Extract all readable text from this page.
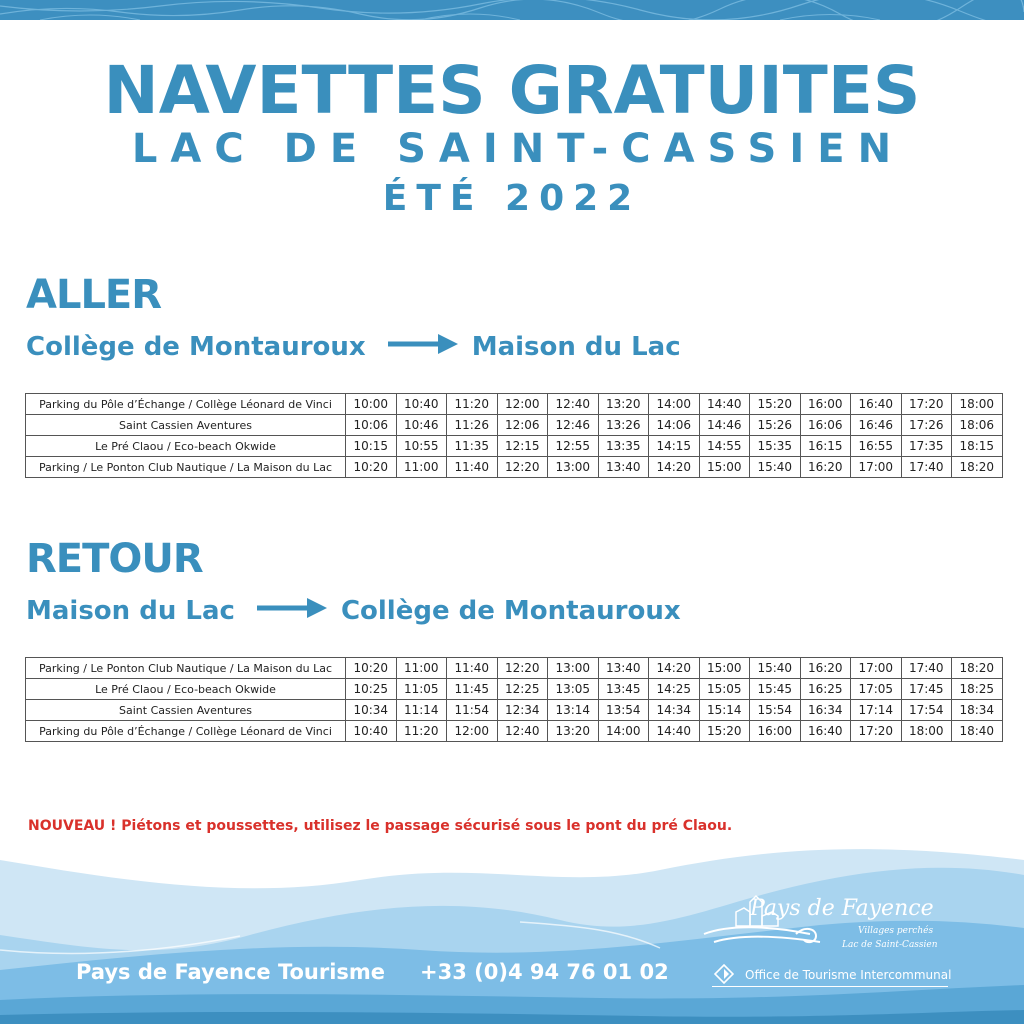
NAVETTES GRATUITES
LAC DE SAINT-CASSIEN
ÉTÉ 2022
ALLER
Collège de Montauroux	Maison du Lac
Parking du Pôle d’Échange / Collège Léonard de Vinci	10:00	10:40	11:20	12:00	12:40	13:20	14:00	14:40	15:20	16:00	16:40	17:20	18:00
Saint Cassien Aventures	10:06	10:46	11:26	12:06	12:46	13:26	14:06	14:46	15:26	16:06	16:46	17:26	18:06
Le Pré Claou / Eco-beach Okwide	10:15	10:55	11:35	12:15	12:55	13:35	14:15	14:55	15:35	16:15	16:55	17:35	18:15
Parking / Le Ponton Club Nautique / La Maison du Lac	10:20	11:00	11:40	12:20	13:00	13:40	14:20	15:00	15:40	16:20	17:00	17:40	18:20
RETOUR
Maison du Lac	Collège de Montauroux
Parking / Le Ponton Club Nautique / La Maison du Lac	10:20	11:00	11:40	12:20	13:00	13:40	14:20	15:00	15:40	16:20	17:00	17:40	18:20
Le Pré Claou / Eco-beach Okwide	10:25	11:05	11:45	12:25	13:05	13:45	14:25	15:05	15:45	16:25	17:05	17:45	18:25
Saint Cassien Aventures	10:34	11:14	11:54	12:34	13:14	13:54	14:34	15:14	15:54	16:34	17:14	17:54	18:34
Parking du Pôle d’Échange / Collège Léonard de Vinci	10:40	11:20	12:00	12:40	13:20	14:00	14:40	15:20	16:00	16:40	17:20	18:00	18:40
NOUVEAU ! Piétons et poussettes, utilisez le passage sécurisé sous le pont du pré Claou.
Pays de Fayence
Villages perchés
Lac de Saint-Cassien
Office de Tourisme Intercommunal
Pays de Fayence Tourisme +33 (0)4 94 76 01 02
